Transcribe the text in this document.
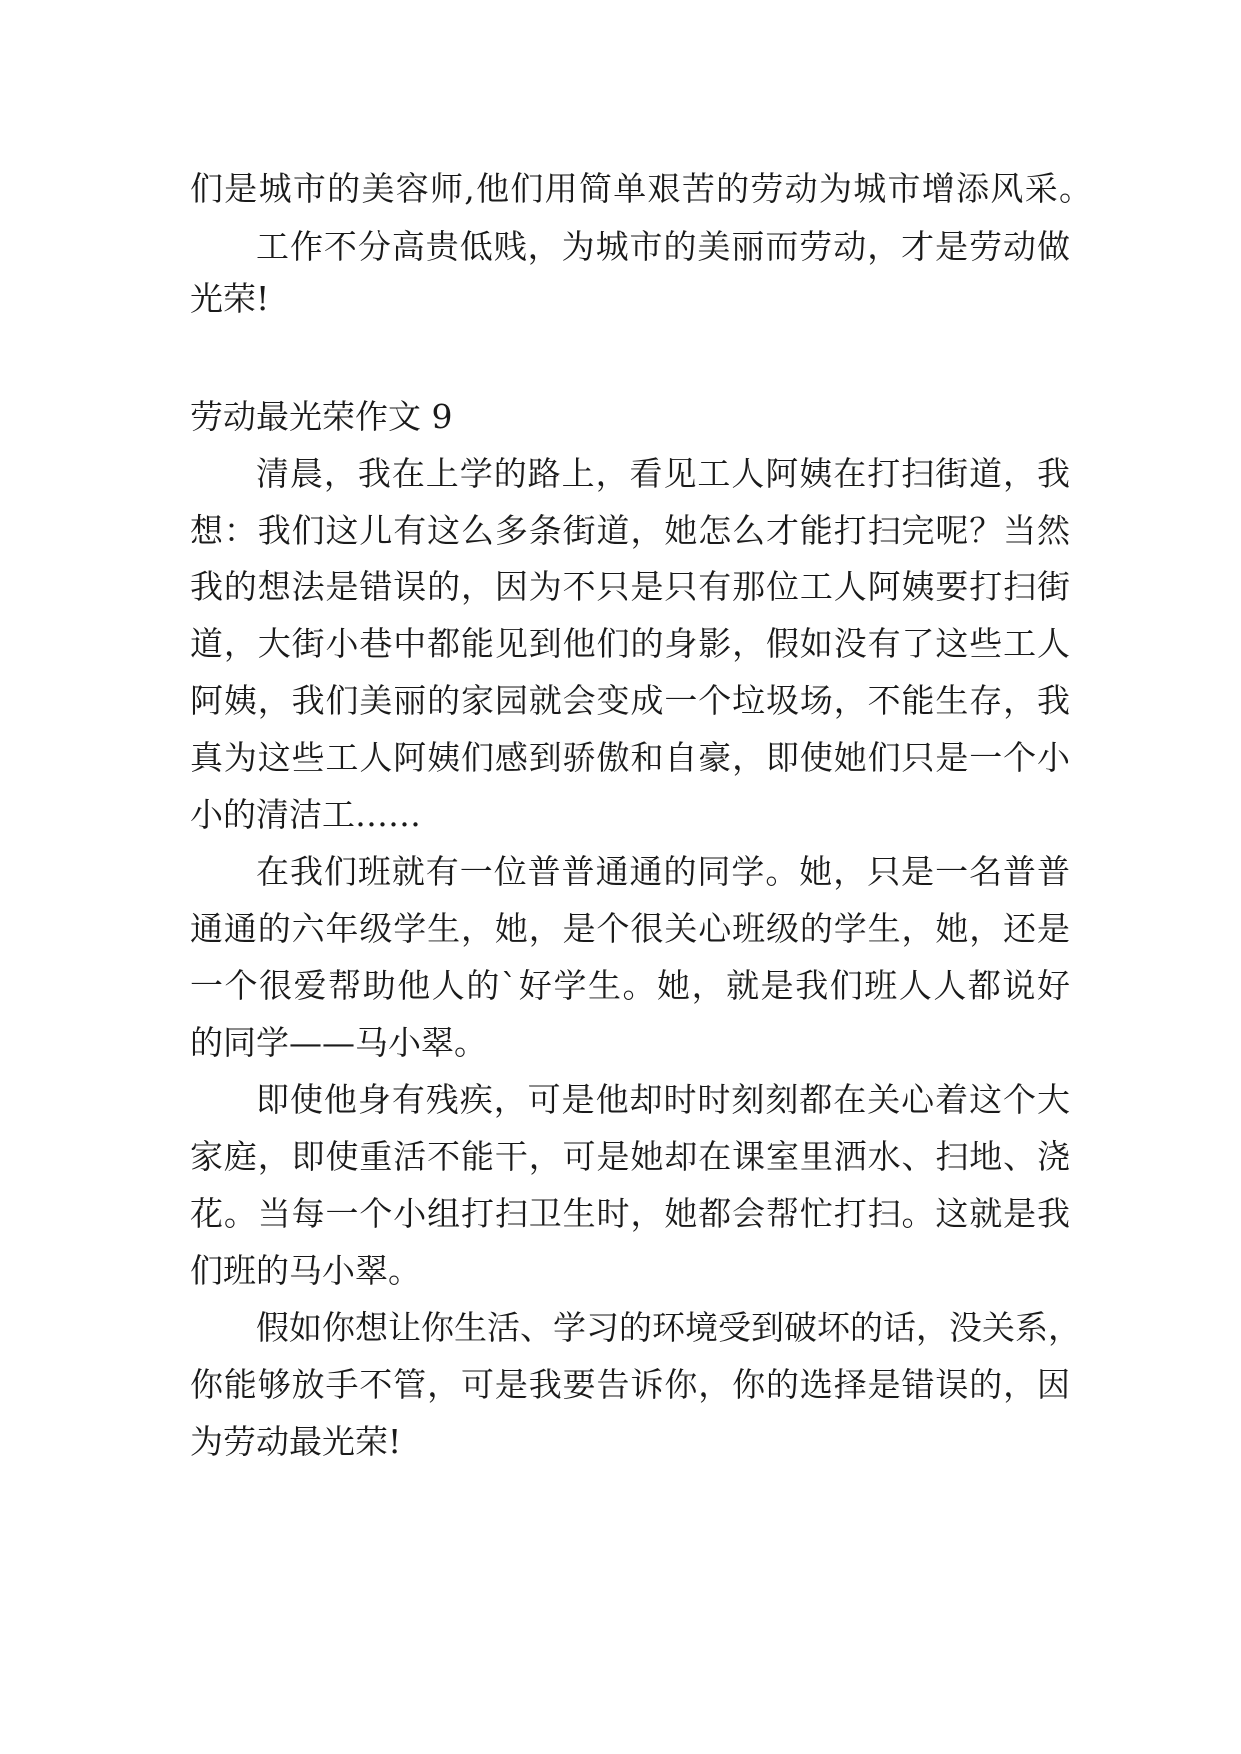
们是城市的美容师,他们用简单艰苦的劳动为城市增添风采。
工作不分高贵低贱，为城市的美丽而劳动，才是劳动做
光荣!
劳动最光荣作文 9
清晨，我在上学的路上，看见工人阿姨在打扫街道，我
想：我们这儿有这么多条街道，她怎么才能打扫完呢？当然
我的想法是错误的，因为不只是只有那位工人阿姨要打扫街
道，大街小巷中都能见到他们的身影，假如没有了这些工人
阿姨，我们美丽的家园就会变成一个垃圾场，不能生存，我
真为这些工人阿姨们感到骄傲和自豪，即使她们只是一个小
小的清洁工……
在我们班就有一位普普通通的同学。她，只是一名普普
通通的六年级学生，她，是个很关心班级的学生，她，还是
一个很爱帮助他人的`好学生。她，就是我们班人人都说好
的同学——马小翠。
即使他身有残疾，可是他却时时刻刻都在关心着这个大
家庭，即使重活不能干，可是她却在课室里洒水、扫地、浇
花。当每一个小组打扫卫生时，她都会帮忙打扫。这就是我
们班的马小翠。
假如你想让你生活、学习的环境受到破坏的话，没关系，
你能够放手不管，可是我要告诉你，你的选择是错误的，因
为劳动最光荣!
